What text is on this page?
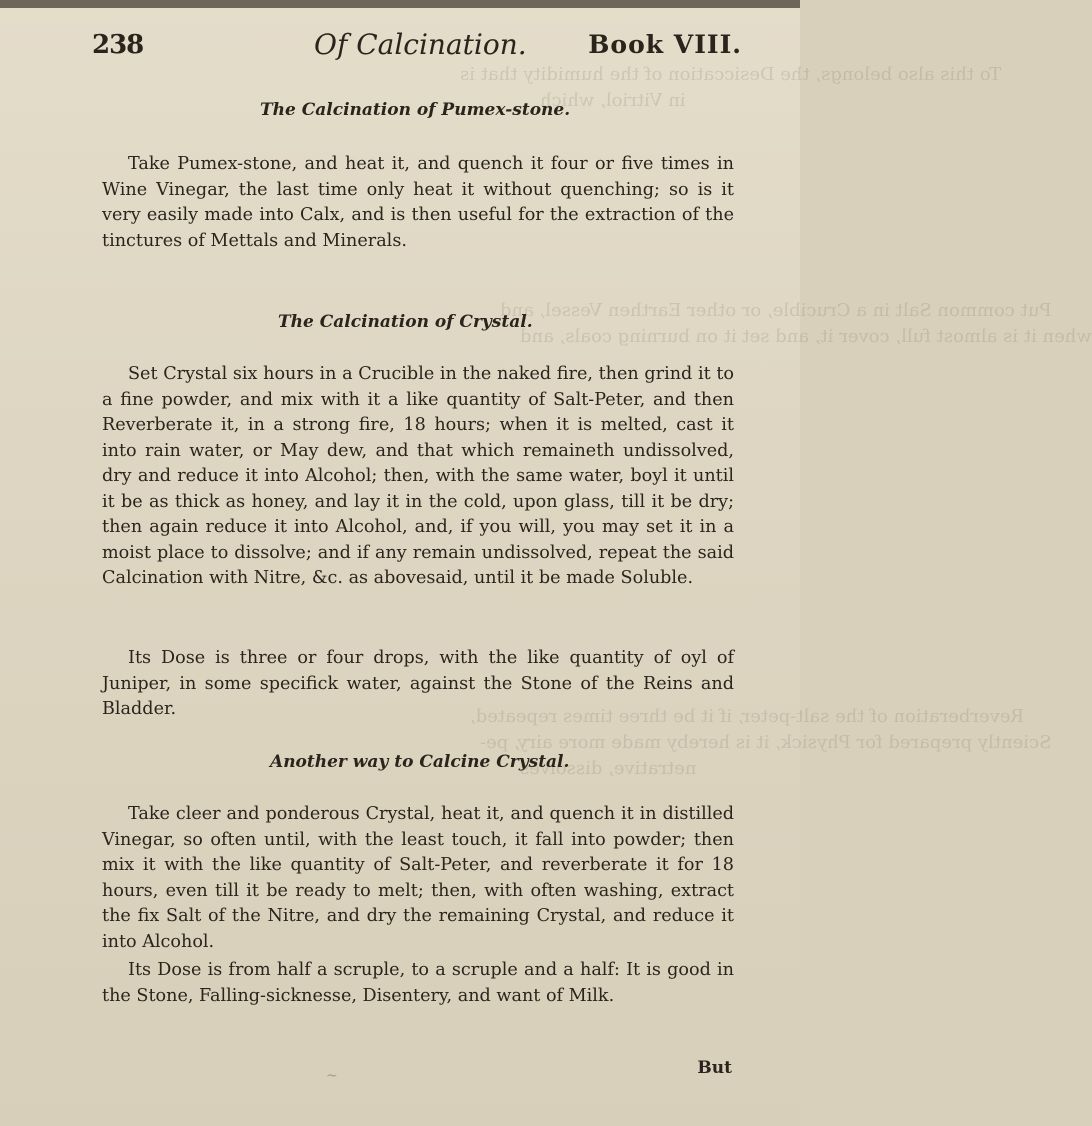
To this also belongs, the Desiccation of the humidity that is
in Vitriol, which
Put common Salt in a Crucible, or other Earthen Vessel, and
when it is almost full, cover it, and set it on burning coals, and
Reverberation of the salt-peter, if it be three times repeated,
Sciently prepared for Physick, it is hereby made more airy, pe-
netrative, dissolves
238	Of Calcination. Book VIII.
The Calcination of Pumex-stone.

Take Pumex-stone, and heat it, and quench it four or five times in Wine Vinegar, the last time only heat it without quenching; so is it very easily made into Calx, and is then useful for the extraction of the tinctures of Mettals and Minerals.

The Calcination of Crystal.

Set Crystal six hours in a Crucible in the naked fire, then grind it to a fine powder, and mix with it a like quantity of Salt-Peter, and then Reverberate it, in a strong fire, 18 hours; when it is melted, cast it into rain water, or May dew, and that which remaineth undissolved, dry and reduce it into Alcohol; then, with the same water, boyl it until it be as thick as honey, and lay it in the cold, upon glass, till it be dry; then again reduce it into Alcohol, and, if you will, you may set it in a moist place to dissolve; and if any remain undissolved, repeat the said Calcination with Nitre, &c. as abovesaid, until it be made Soluble.

Its Dose is three or four drops, with the like quantity of oyl of Juniper, in some specifick water, against the Stone of the Reins and Bladder.

Another way to Calcine Crystal.

Take cleer and ponderous Crystal, heat it, and quench it in distilled Vinegar, so often until, with the least touch, it fall into powder; then mix it with the like quantity of Salt-Peter, and reverberate it for 18 hours, even till it be ready to melt; then, with often washing, extract the fix Salt of the Nitre, and dry the remaining Crystal, and reduce it into Alcohol.

Its Dose is from half a scruple, to a scruple and a half: It is good in the Stone, Falling-sicknesse, Disentery, and want of Milk.

~	But
